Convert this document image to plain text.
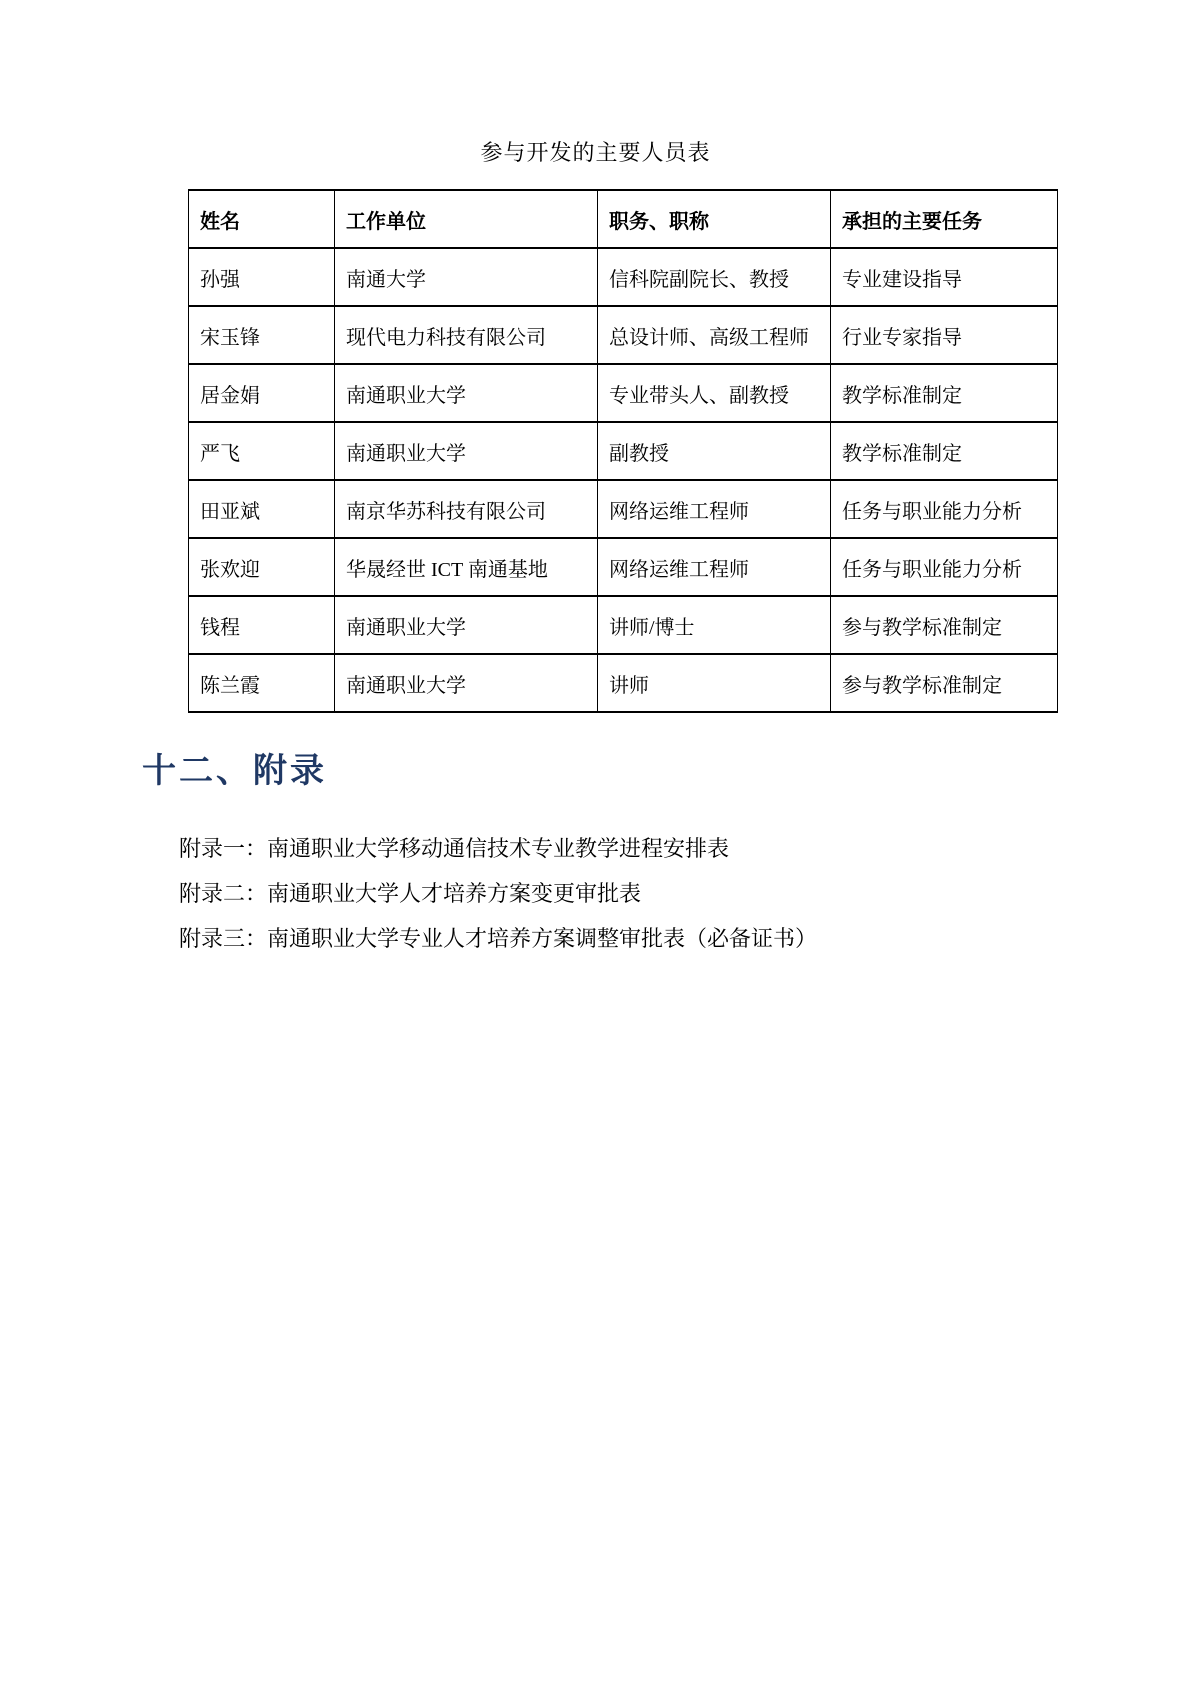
参与开发的主要人员表
姓名	工作单位	职务、职称	承担的主要任务
孙强	南通大学	信科院副院长、教授	专业建设指导
宋玉锋	现代电力科技有限公司	总设计师、高级工程师	行业专家指导
居金娟	南通职业大学	专业带头人、副教授	教学标准制定
严飞	南通职业大学	副教授	教学标准制定
田亚斌	南京华苏科技有限公司	网络运维工程师	任务与职业能力分析
张欢迎	华晟经世 ICT 南通基地	网络运维工程师	任务与职业能力分析
钱程	南通职业大学	讲师/博士	参与教学标准制定
陈兰霞	南通职业大学	讲师	参与教学标准制定
十二、附录
附录一：南通职业大学移动通信技术专业教学进程安排表
附录二：南通职业大学人才培养方案变更审批表
附录三：南通职业大学专业人才培养方案调整审批表（必备证书）
